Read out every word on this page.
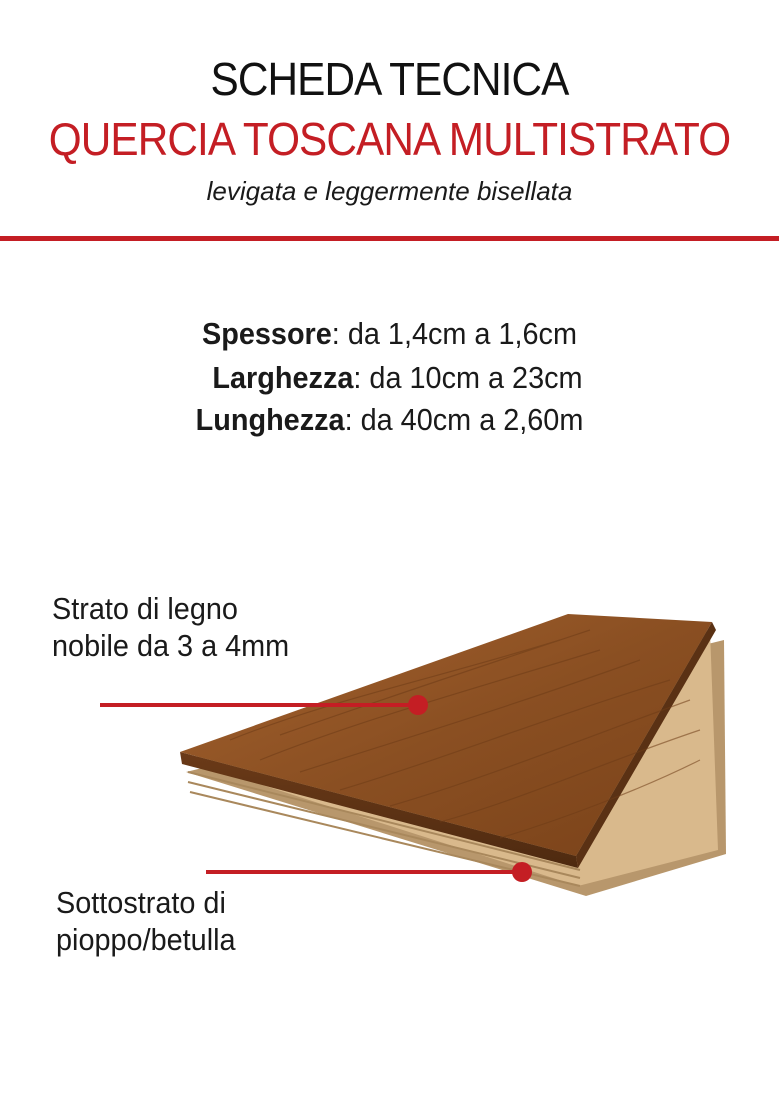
SCHEDA TECNICA
QUERCIA TOSCANA MULTISTRATO
levigata e leggermente bisellata
Spessore: da 1,4cm a 1,6cm
Larghezza: da 10cm a 23cm
Lunghezza: da 40cm a 2,60m
Strato di legno
nobile da 3 a 4mm
Sottostrato di
pioppo/betulla
